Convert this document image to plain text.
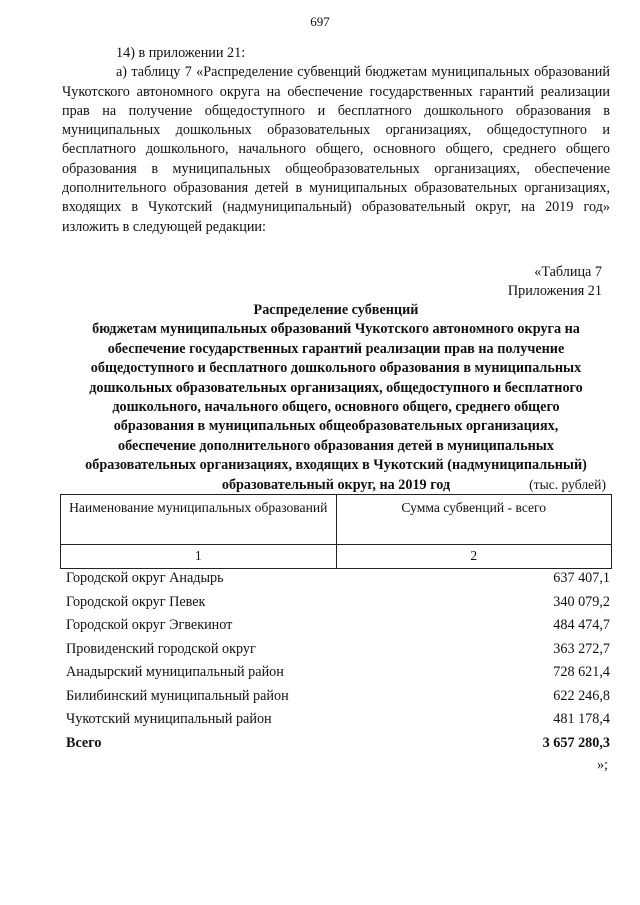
697

14) в приложении 21:

а) таблицу 7 «Распределение субвенций бюджетам муниципальных образований Чукотского автономного округа на обеспечение государственных гарантий реализации прав на получение общедоступного и бесплатного дошкольного образования в муниципальных дошкольных образовательных организациях, общедоступного и бесплатного дошкольного, начального общего, основного общего, среднего общего образования в муниципальных общеобразовательных организациях, обеспечение дополнительного образования детей в муниципальных образовательных организациях, входящих в Чукотский (надмуниципальный) образовательный округ, на 2019 год» изложить в следующей редакции:

«Таблица 7
Приложения 21

Распределение субвенций

бюджетам муниципальных образований Чукотского автономного округа на

обеспечение государственных гарантий реализации прав на получение

общедоступного и бесплатного дошкольного образования в муниципальных

дошкольных образовательных организациях, общедоступного и бесплатного

дошкольного, начального общего, основного общего, среднего общего

образования в муниципальных общеобразовательных организациях,

обеспечение дополнительного образования детей в муниципальных

образовательных организациях, входящих в Чукотский (надмуниципальный)

образовательный округ, на 2019 год	(тыс. рублей)
Наименование муниципальных образований	Сумма субвенций - всего
1	2
Городской округ Анадырь	637 407,1
Городской округ Певек	340 079,2
Городской округ Эгвекинот	484 474,7
Провиденский городской округ	363 272,7
Анадырский муниципальный район	728 621,4
Билибинский муниципальный район	622 246,8
Чукотский муниципальный район	481 178,4
Всего	3 657 280,3
»;
